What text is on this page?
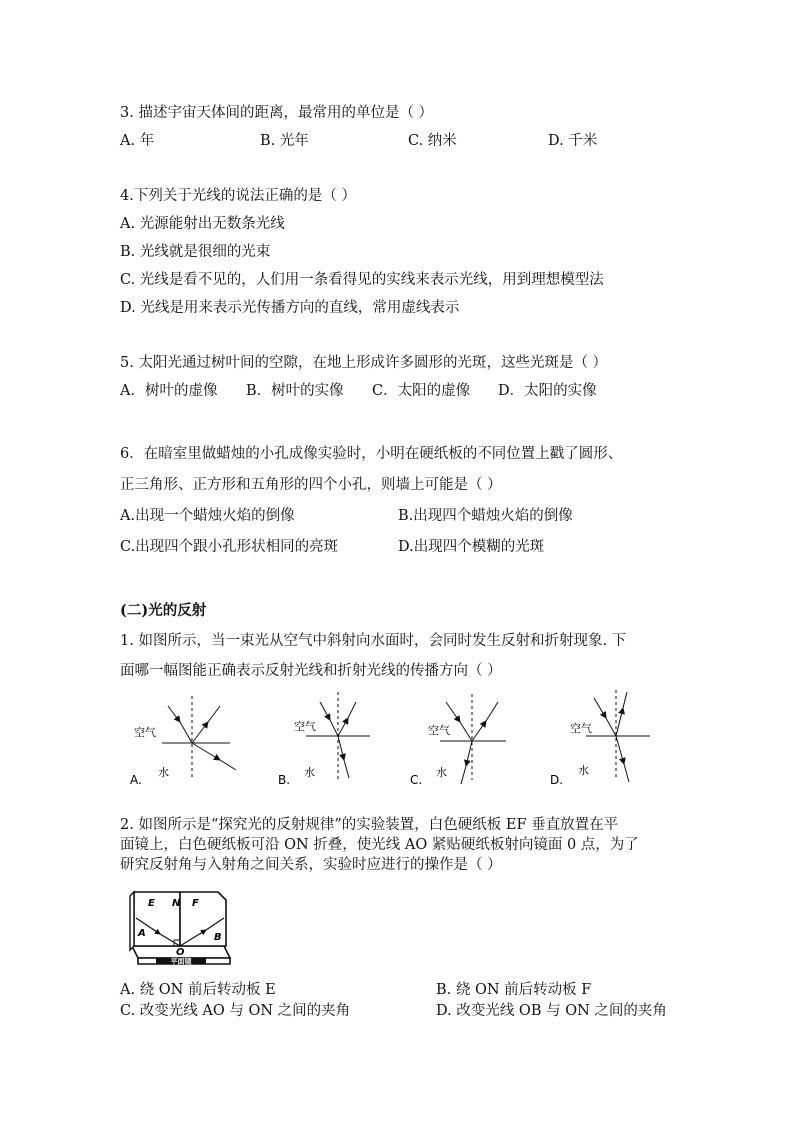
3. 描述宇宙天体间的距离，最常用的单位是（ ）
A. 年	B. 光年	C. 纳米	D. 千米
4.下列关于光线的说法正确的是（ ）
A. 光源能射出无数条光线
B. 光线就是很细的光束
C. 光线是看不见的，人们用一条看得见的实线来表示光线，用到理想模型法
D. 光线是用来表示光传播方向的直线，常用虚线表示
5. 太阳光通过树叶间的空隙，在地上形成许多圆形的光斑，这些光斑是（ ）
A．树叶的虚像 B．树叶的实像 C．太阳的虚像 D．太阳的实像
6．在暗室里做蜡烛的小孔成像实验时，小明在硬纸板的不同位置上戳了圆形、
正三角形、正方形和五角形的四个小孔，则墙上可能是（ ）
A.出现一个蜡烛火焰的倒像	B.出现四个蜡烛火焰的倒像
C.出现四个跟小孔形状相同的亮斑	D.出现四个模糊的光斑
(二)光的反射
1. 如图所示，当一束光从空气中斜射向水面时，会同时发生反射和折射现象. 下
面哪一幅图能正确表示反射光线和折射光线的传播方向（ ）
空气
水
A.
空气
水
B.
空气
水
C.
空气
水
D.
2. 如图所示是“探究光的反射规律”的实验装置，白色硬纸板 EF 垂直放置在平
面镜上，白色硬纸板可沿 ON 折叠，使光线 AO 紧贴硬纸板射向镜面 0 点，为了
研究反射角与入射角之间关系，实验时应进行的操作是（ ）
平面镜
E N F
A	B
O
A. 绕 ON 前后转动板 E	B. 绕 ON 前后转动板 F
C. 改变光线 AO 与 ON 之间的夹角	D. 改变光线 OB 与 ON 之间的夹角
